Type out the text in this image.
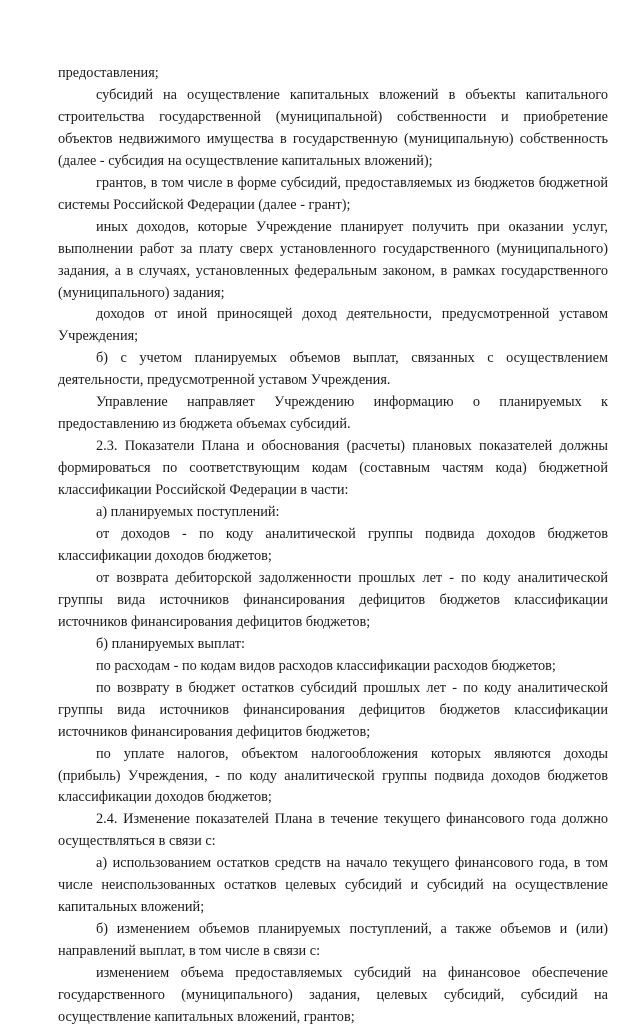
предоставления;

субсидий на осуществление капитальных вложений в объекты капитального строительства государственной (муниципальной) собственности и приобретение объектов недвижимого имущества в государственную (муниципальную) собственность (далее - субсидия на осуществление капитальных вложений);

грантов, в том числе в форме субсидий, предоставляемых из бюджетов бюджетной системы Российской Федерации (далее - грант);

иных доходов, которые Учреждение планирует получить при оказании услуг, выполнении работ за плату сверх установленного государственного (муниципального) задания, а в случаях, установленных федеральным законом, в рамках государственного (муниципального) задания;

доходов от иной приносящей доход деятельности, предусмотренной уставом Учреждения;

б) с учетом планируемых объемов выплат, связанных с осуществлением деятельности, предусмотренной уставом Учреждения.

Управление направляет Учреждению информацию о планируемых к предоставлению из бюджета объемах субсидий.

2.3. Показатели Плана и обоснования (расчеты) плановых показателей должны формироваться по соответствующим кодам (составным частям кода) бюджетной классификации Российской Федерации в части:

а) планируемых поступлений:

от доходов - по коду аналитической группы подвида доходов бюджетов классификации доходов бюджетов;

от возврата дебиторской задолженности прошлых лет - по коду аналитической группы вида источников финансирования дефицитов бюджетов классификации источников финансирования дефицитов бюджетов;

б) планируемых выплат:

по расходам - по кодам видов расходов классификации расходов бюджетов;

по возврату в бюджет остатков субсидий прошлых лет - по коду аналитической группы вида источников финансирования дефицитов бюджетов классификации источников финансирования дефицитов бюджетов;

по уплате налогов, объектом налогообложения которых являются доходы (прибыль) Учреждения, - по коду аналитической группы подвида доходов бюджетов классификации доходов бюджетов;

2.4. Изменение показателей Плана в течение текущего финансового года должно осуществляться в связи с:

а) использованием остатков средств на начало текущего финансового года, в том числе неиспользованных остатков целевых субсидий и субсидий на осуществление капитальных вложений;

б) изменением объемов планируемых поступлений, а также объемов и (или) направлений выплат, в том числе в связи с:

изменением объема предоставляемых субсидий на финансовое обеспечение государственного (муниципального) задания, целевых субсидий, субсидий на осуществление капитальных вложений, грантов;
